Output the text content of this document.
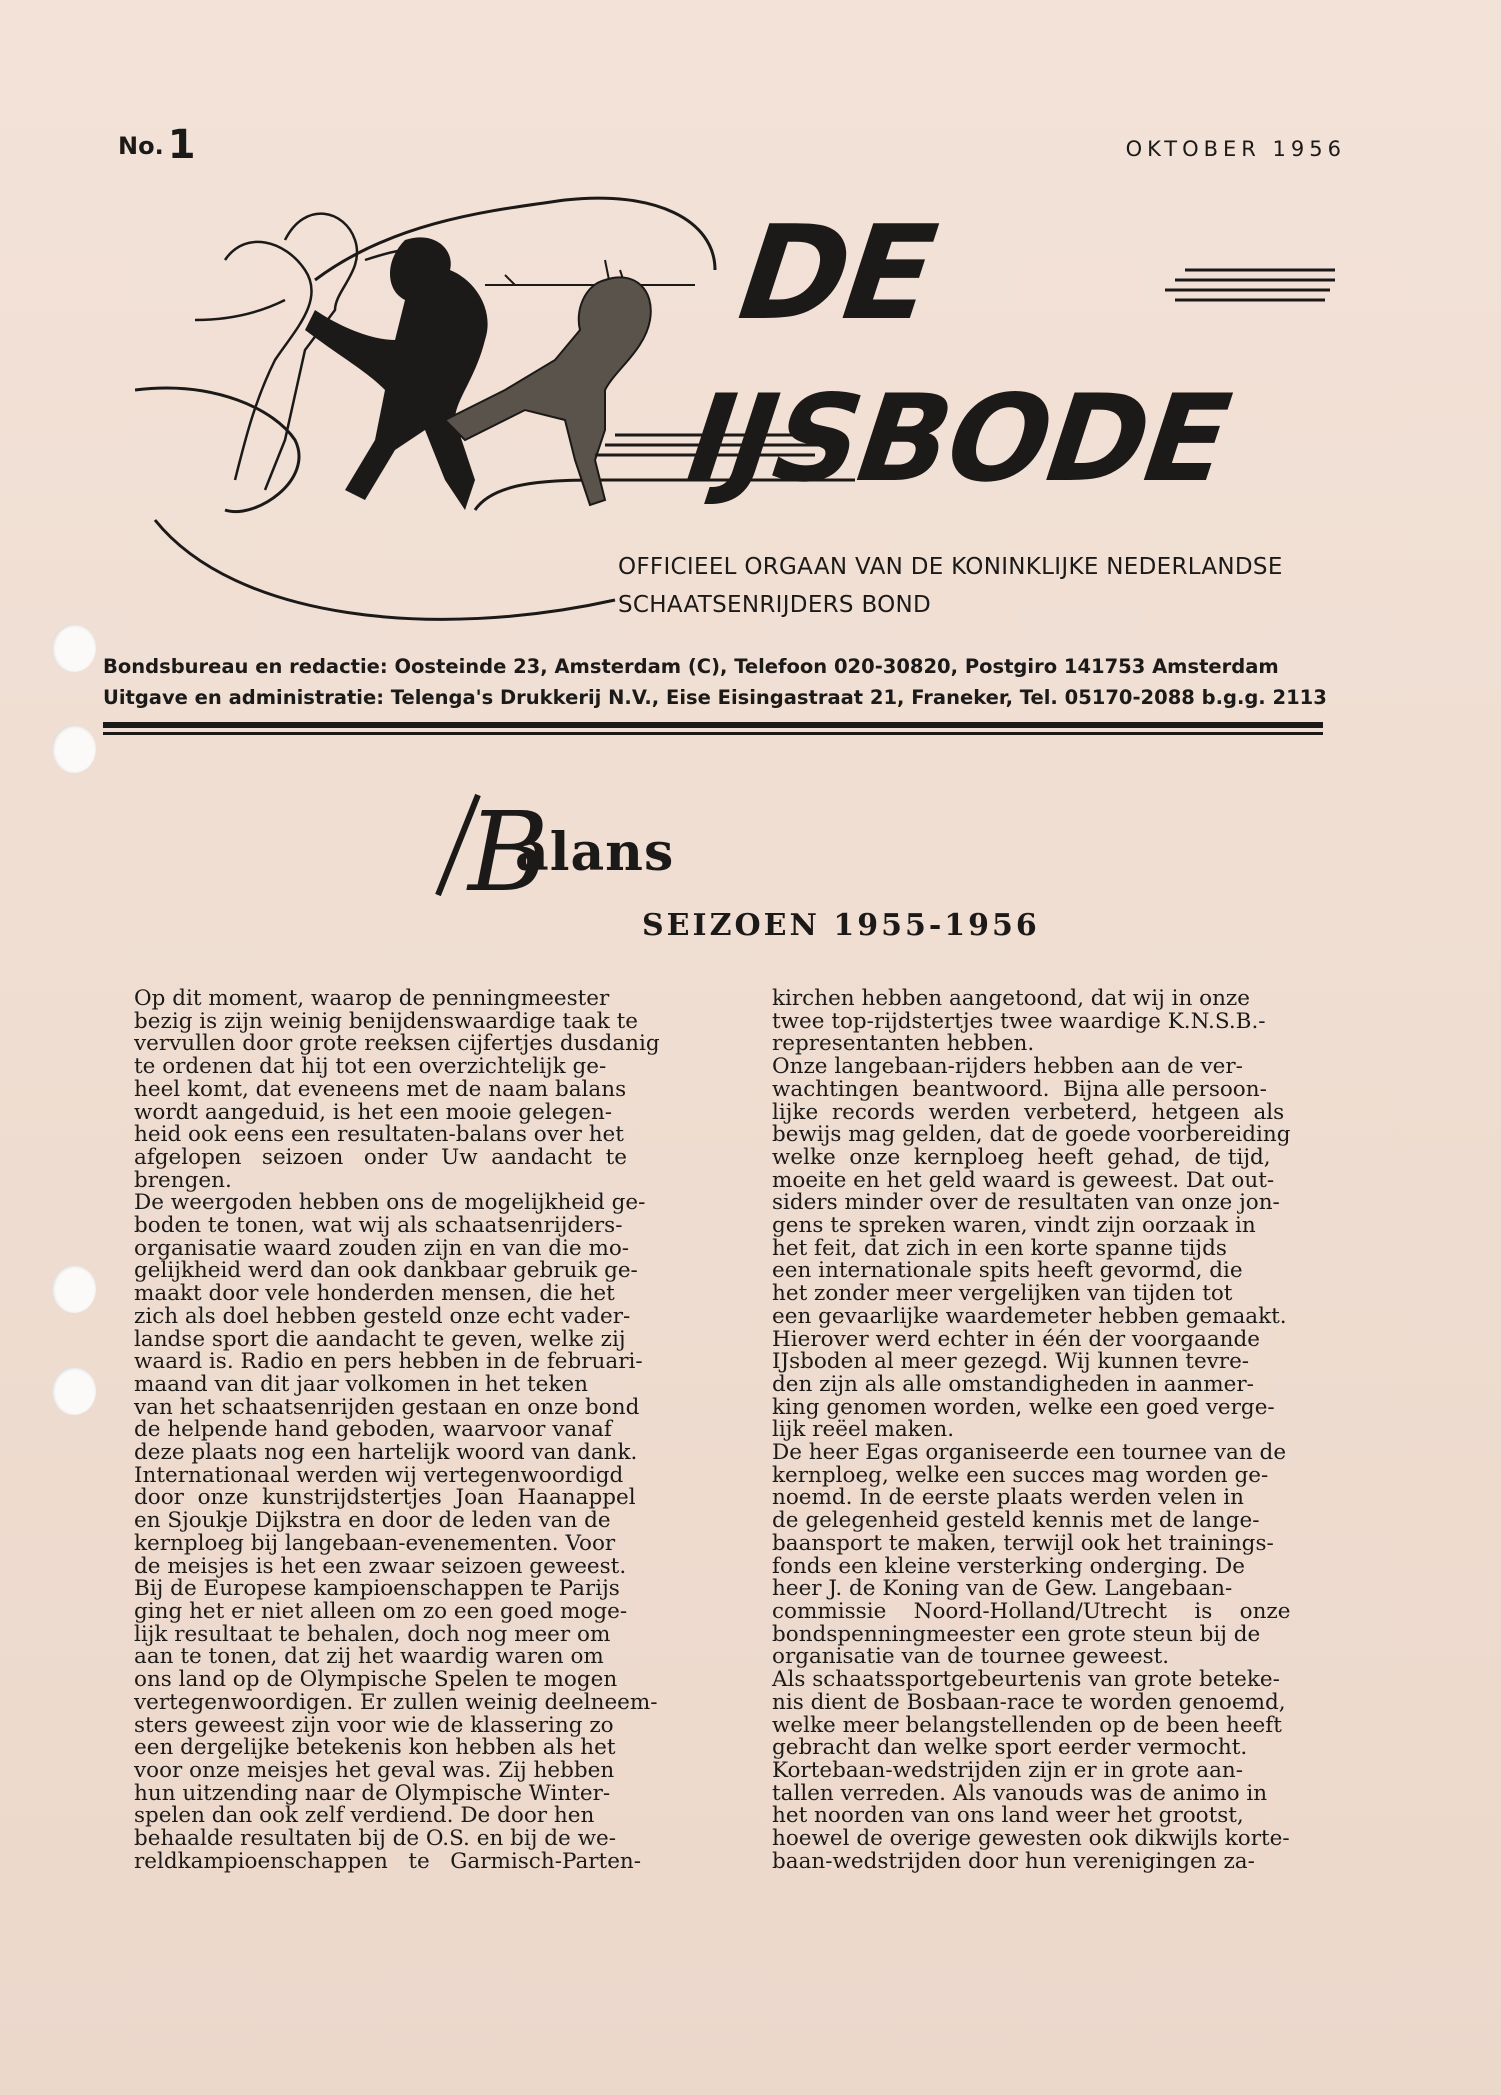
No. 1	OKTOBER 1956
DE
IJSBODE
OFFICIEEL ORGAAN VAN DE KONINKLIJKE NEDERLANDSE
SCHAATSENRIJDERS BOND
Bondsbureau en redactie: Oosteinde 23, Amsterdam (C), Telefoon 020-30820, Postgiro 141753 Amsterdam
Uitgave en administratie: Telenga's Drukkerij N.V., Eise Eisingastraat 21, Franeker, Tel. 05170-2088 b.g.g. 2113
B
alans
SEIZOEN 1955-1956
Op dit moment, waarop de penningmeester
bezig is zijn weinig benijdenswaardige taak te
vervullen door grote reeksen cijfertjes dusdanig
te ordenen dat hij tot een overzichtelijk ge-
heel komt, dat eveneens met de naam balans
wordt aangeduid, is het een mooie gelegen-
heid ook eens een resultaten-balans over het
afgelopen   seizoen   onder  Uw  aandacht  te
brengen.
De weergoden hebben ons de mogelijkheid ge-
boden te tonen, wat wij als schaatsenrijders-
organisatie waard zouden zijn en van die mo-
gelijkheid werd dan ook dankbaar gebruik ge-
maakt door vele honderden mensen, die het
zich als doel hebben gesteld onze echt vader-
landse sport die aandacht te geven, welke zij
waard is. Radio en pers hebben in de februari-
maand van dit jaar volkomen in het teken
van het schaatsenrijden gestaan en onze bond
de helpende hand geboden, waarvoor vanaf
deze plaats nog een hartelijk woord van dank.
Internationaal werden wij vertegenwoordigd
door  onze  kunstrijdstertjes  Joan  Haanappel
en Sjoukje Dijkstra en door de leden van de
kernploeg bij langebaan-evenementen. Voor
de meisjes is het een zwaar seizoen geweest.
Bij de Europese kampioenschappen te Parijs
ging het er niet alleen om zo een goed moge-
lijk resultaat te behalen, doch nog meer om
aan te tonen, dat zij het waardig waren om
ons land op de Olympische Spelen te mogen
vertegenwoordigen. Er zullen weinig deelneem-
sters geweest zijn voor wie de klassering zo
een dergelijke betekenis kon hebben als het
voor onze meisjes het geval was. Zij hebben
hun uitzending naar de Olympische Winter-
spelen dan ook zelf verdiend. De door hen
behaalde resultaten bij de O.S. en bij de we-
reldkampioenschappen   te   Garmisch-Parten-
kirchen hebben aangetoond, dat wij in onze
twee top-rijdstertjes twee waardige K.N.S.B.-
representanten hebben.
Onze langebaan-rijders hebben aan de ver-
wachtingen  beantwoord.  Bijna alle persoon-
lijke  records  werden  verbeterd,  hetgeen  als
bewijs mag gelden, dat de goede voorbereiding
welke  onze  kernploeg  heeft  gehad,  de tijd,
moeite en het geld waard is geweest. Dat out-
siders minder over de resultaten van onze jon-
gens te spreken waren, vindt zijn oorzaak in
het feit, dat zich in een korte spanne tijds
een internationale spits heeft gevormd, die
het zonder meer vergelijken van tijden tot
een gevaarlijke waardemeter hebben gemaakt.
Hierover werd echter in één der voorgaande
IJsboden al meer gezegd. Wij kunnen tevre-
den zijn als alle omstandigheden in aanmer-
king genomen worden, welke een goed verge-
lijk reëel maken.
De heer Egas organiseerde een tournee van de
kernploeg, welke een succes mag worden ge-
noemd. In de eerste plaats werden velen in
de gelegenheid gesteld kennis met de lange-
baansport te maken, terwijl ook het trainings-
fonds een kleine versterking onderging. De
heer J. de Koning van de Gew. Langebaan-
commissie    Noord-Holland/Utrecht    is    onze
bondspenningmeester een grote steun bij de
organisatie van de tournee geweest.
Als schaatssportgebeurtenis van grote beteke-
nis dient de Bosbaan-race te worden genoemd,
welke meer belangstellenden op de been heeft
gebracht dan welke sport eerder vermocht.
Kortebaan-wedstrijden zijn er in grote aan-
tallen verreden. Als vanouds was de animo in
het noorden van ons land weer het grootst,
hoewel de overige gewesten ook dikwijls korte-
baan-wedstrijden door hun verenigingen za-
